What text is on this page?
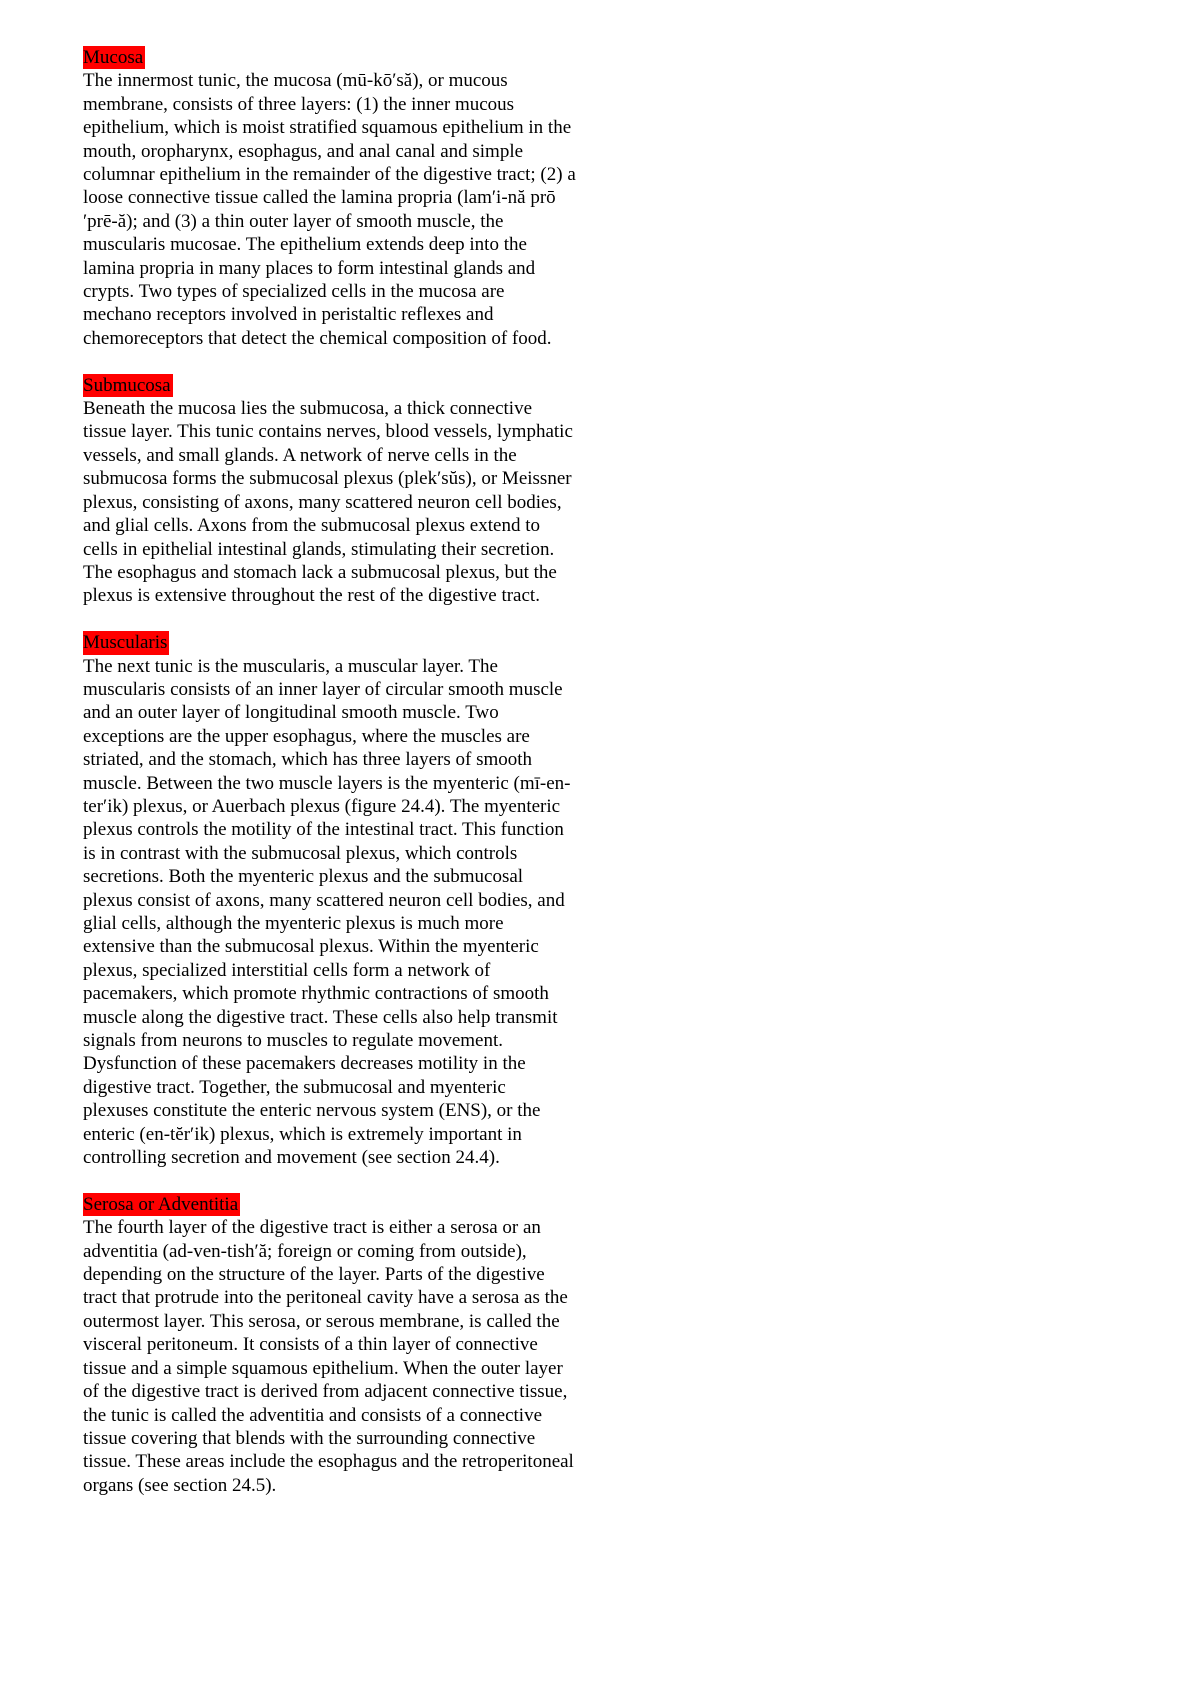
Mucosa

The innermost tunic, the mucosa (mū-kō′să), or mucous
membrane, consists of three layers: (1) the inner mucous
epithelium, which is moist stratified squamous epithelium in the
mouth, oropharynx, esophagus, and anal canal and simple
columnar epithelium in the remainder of the digestive tract; (2) a
loose connective tissue called the lamina propria (lam′i-nă prō
′prē-ă); and (3) a thin outer layer of smooth muscle, the
muscularis mucosae. The epithelium extends deep into the
lamina propria in many places to form intestinal glands and
crypts. Two types of specialized cells in the mucosa are
mechano receptors involved in peristaltic reflexes and
chemoreceptors that detect the chemical composition of food.

Submucosa

Beneath the mucosa lies the submucosa, a thick connective
tissue layer. This tunic contains nerves, blood vessels, lymphatic
vessels, and small glands. A network of nerve cells in the
submucosa forms the submucosal plexus (plek′sŭs), or Meissner
plexus, consisting of axons, many scattered neuron cell bodies,
and glial cells. Axons from the submucosal plexus extend to
cells in epithelial intestinal glands, stimulating their secretion.
The esophagus and stomach lack a submucosal plexus, but the
plexus is extensive throughout the rest of the digestive tract.

Muscularis

The next tunic is the muscularis, a muscular layer. The
muscularis consists of an inner layer of circular smooth muscle
and an outer layer of longitudinal smooth muscle. Two
exceptions are the upper esophagus, where the muscles are
striated, and the stomach, which has three layers of smooth
muscle. Between the two muscle layers is the myenteric (mī-en-
ter′ik) plexus, or Auerbach plexus (figure 24.4). The myenteric
plexus controls the motility of the intestinal tract. This function
is in contrast with the submucosal plexus, which controls
secretions. Both the myenteric plexus and the submucosal
plexus consist of axons, many scattered neuron cell bodies, and
glial cells, although the myenteric plexus is much more
extensive than the submucosal plexus. Within the myenteric
plexus, specialized interstitial cells form a network of
pacemakers, which promote rhythmic contractions of smooth
muscle along the digestive tract. These cells also help transmit
signals from neurons to muscles to regulate movement.
Dysfunction of these pacemakers decreases motility in the
digestive tract. Together, the submucosal and myenteric
plexuses constitute the enteric nervous system (ENS), or the
enteric (en-tĕr′ik) plexus, which is extremely important in
controlling secretion and movement (see section 24.4).

Serosa or Adventitia

The fourth layer of the digestive tract is either a serosa or an
adventitia (ad-ven-tish′ă; foreign or coming from outside),
depending on the structure of the layer. Parts of the digestive
tract that protrude into the peritoneal cavity have a serosa as the
outermost layer. This serosa, or serous membrane, is called the
visceral peritoneum. It consists of a thin layer of connective
tissue and a simple squamous epithelium. When the outer layer
of the digestive tract is derived from adjacent connective tissue,
the tunic is called the adventitia and consists of a connective
tissue covering that blends with the surrounding connective
tissue. These areas include the esophagus and the retroperitoneal
organs (see section 24.5).
